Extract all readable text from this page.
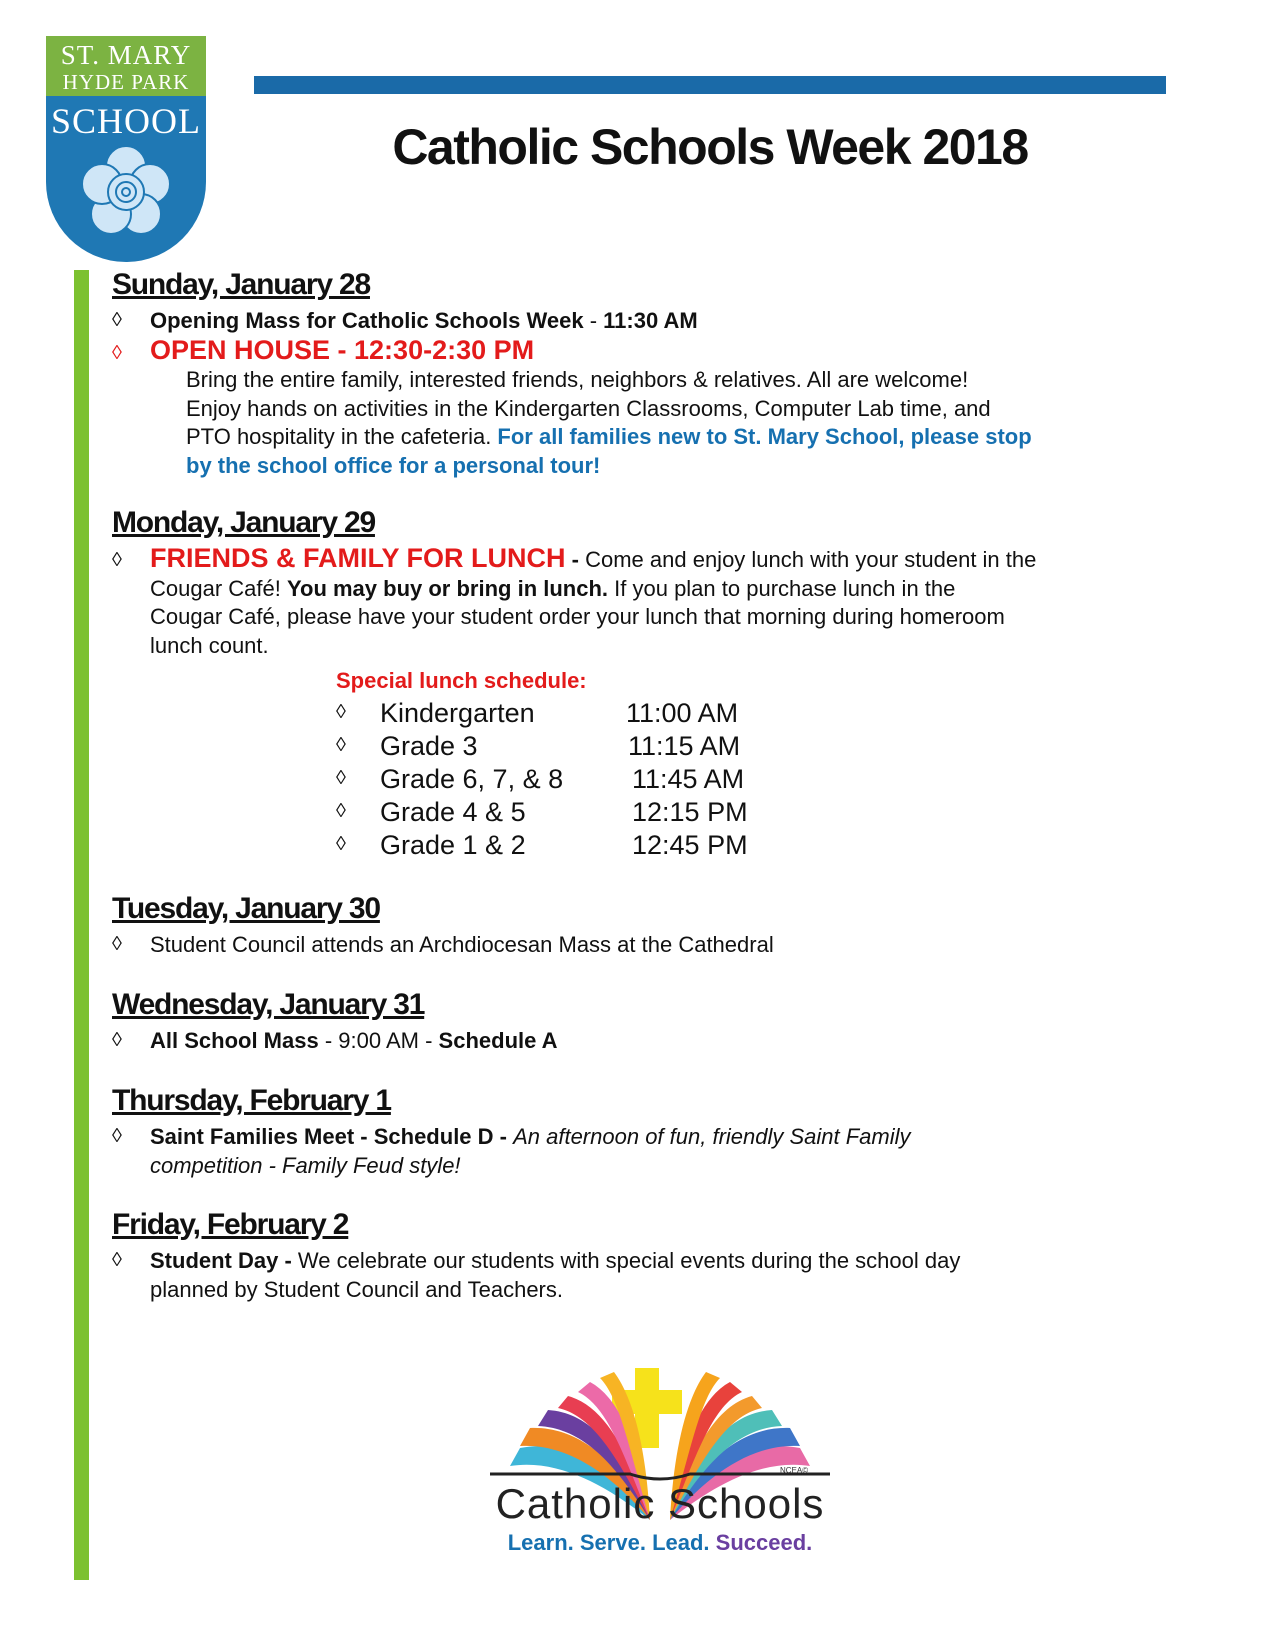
ST. MARY
HYDE PARK
SCHOOL	Catholic Schools Week 2018
Sunday, January 28
◊ Opening Mass for Catholic Schools Week - 11:30 AM
◊ OPEN HOUSE - 12:30-2:30 PM
Bring the entire family, interested friends, neighbors & relatives. All are welcome!
Enjoy hands on activities in the Kindergarten Classrooms, Computer Lab time, and
PTO hospitality in the cafeteria. For all families new to St. Mary School, please stop
by the school office for a personal tour!
Monday, January 29
◊ FRIENDS & FAMILY FOR LUNCH - Come and enjoy lunch with your student in the
Cougar Café! You may buy or bring in lunch. If you plan to purchase lunch in the
Cougar Café, please have your student order your lunch that morning during homeroom
lunch count.
Special lunch schedule:
◊ Kindergarten	11:00 AM
◊ Grade 3	11:15 AM
◊ Grade 6, 7, & 8	11:45 AM
◊ Grade 4 & 5	12:15 PM
◊ Grade 1 & 2	12:45 PM
Tuesday, January 30
◊ Student Council attends an Archdiocesan Mass at the Cathedral
Wednesday, January 31
◊ All School Mass - 9:00 AM - Schedule A
Thursday, February 1
◊ Saint Families Meet - Schedule D - An afternoon of fun, friendly Saint Family
competition - Family Feud style!
Friday, February 2
◊ Student Day - We celebrate our students with special events during the school day
planned by Student Council and Teachers.
NCEA©
Catholic Schools
Learn. Serve. Lead. Succeed.
